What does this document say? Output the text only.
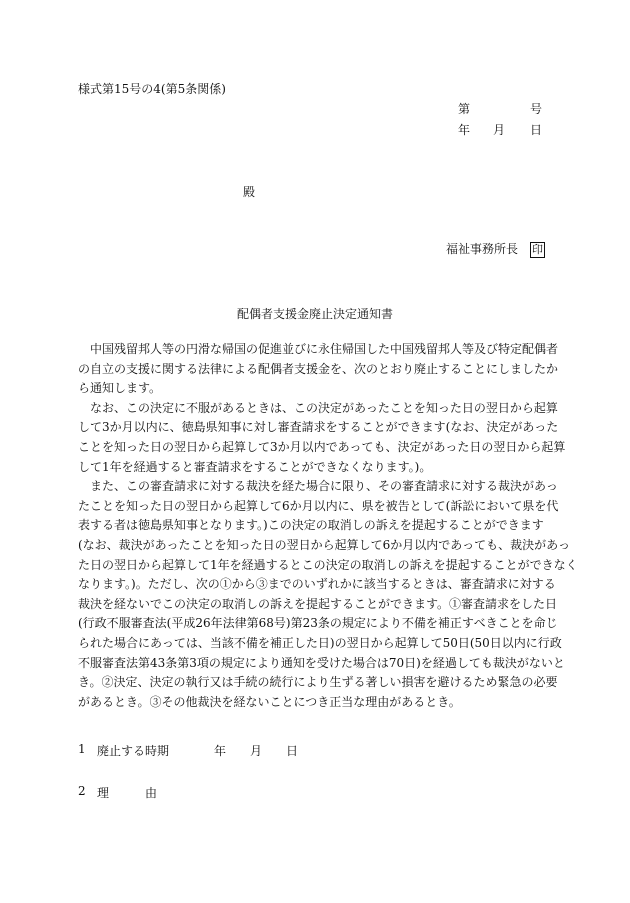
様式第15号の4(第5条関係)
第	号
年 月 日
殿
福祉事務所長 印
配偶者支援金廃止決定通知書
　中国残留邦人等の円滑な帰国の促進並びに永住帰国した中国残留邦人等及び特定配偶者
の自立の支援に関する法律による配偶者支援金を、次のとおり廃止することにしましたか
ら通知します。
　なお、この決定に不服があるときは、この決定があったことを知った日の翌日から起算
して3か月以内に、徳島県知事に対し審査請求をすることができます(なお、決定があった
ことを知った日の翌日から起算して3か月以内であっても、決定があった日の翌日から起算
して1年を経過すると審査請求をすることができなくなります。)。
　また、この審査請求に対する裁決を経た場合に限り、その審査請求に対する裁決があっ
たことを知った日の翌日から起算して6か月以内に、県を被告として(訴訟において県を代
表する者は徳島県知事となります。)この決定の取消しの訴えを提起することができます
(なお、裁決があったことを知った日の翌日から起算して6か月以内であっても、裁決があっ
た日の翌日から起算して1年を経過するとこの決定の取消しの訴えを提起することができなく
なります。)。ただし、次の①から③までのいずれかに該当するときは、審査請求に対する
裁決を経ないでこの決定の取消しの訴えを提起することができます。①審査請求をした日
(行政不服審査法(平成26年法律第68号)第23条の規定により不備を補正すべきことを命じ
られた場合にあっては、当該不備を補正した日)の翌日から起算して50日(50日以内に行政
不服審査法第43条第3項の規定により通知を受けた場合は70日)を経過しても裁決がないと
き。②決定、決定の執行又は手続の続行により生ずる著しい損害を避けるため緊急の必要
があるとき。③その他裁決を経ないことにつき正当な理由があるとき。
1 廃止する時期	年 月 日
2 理	由
